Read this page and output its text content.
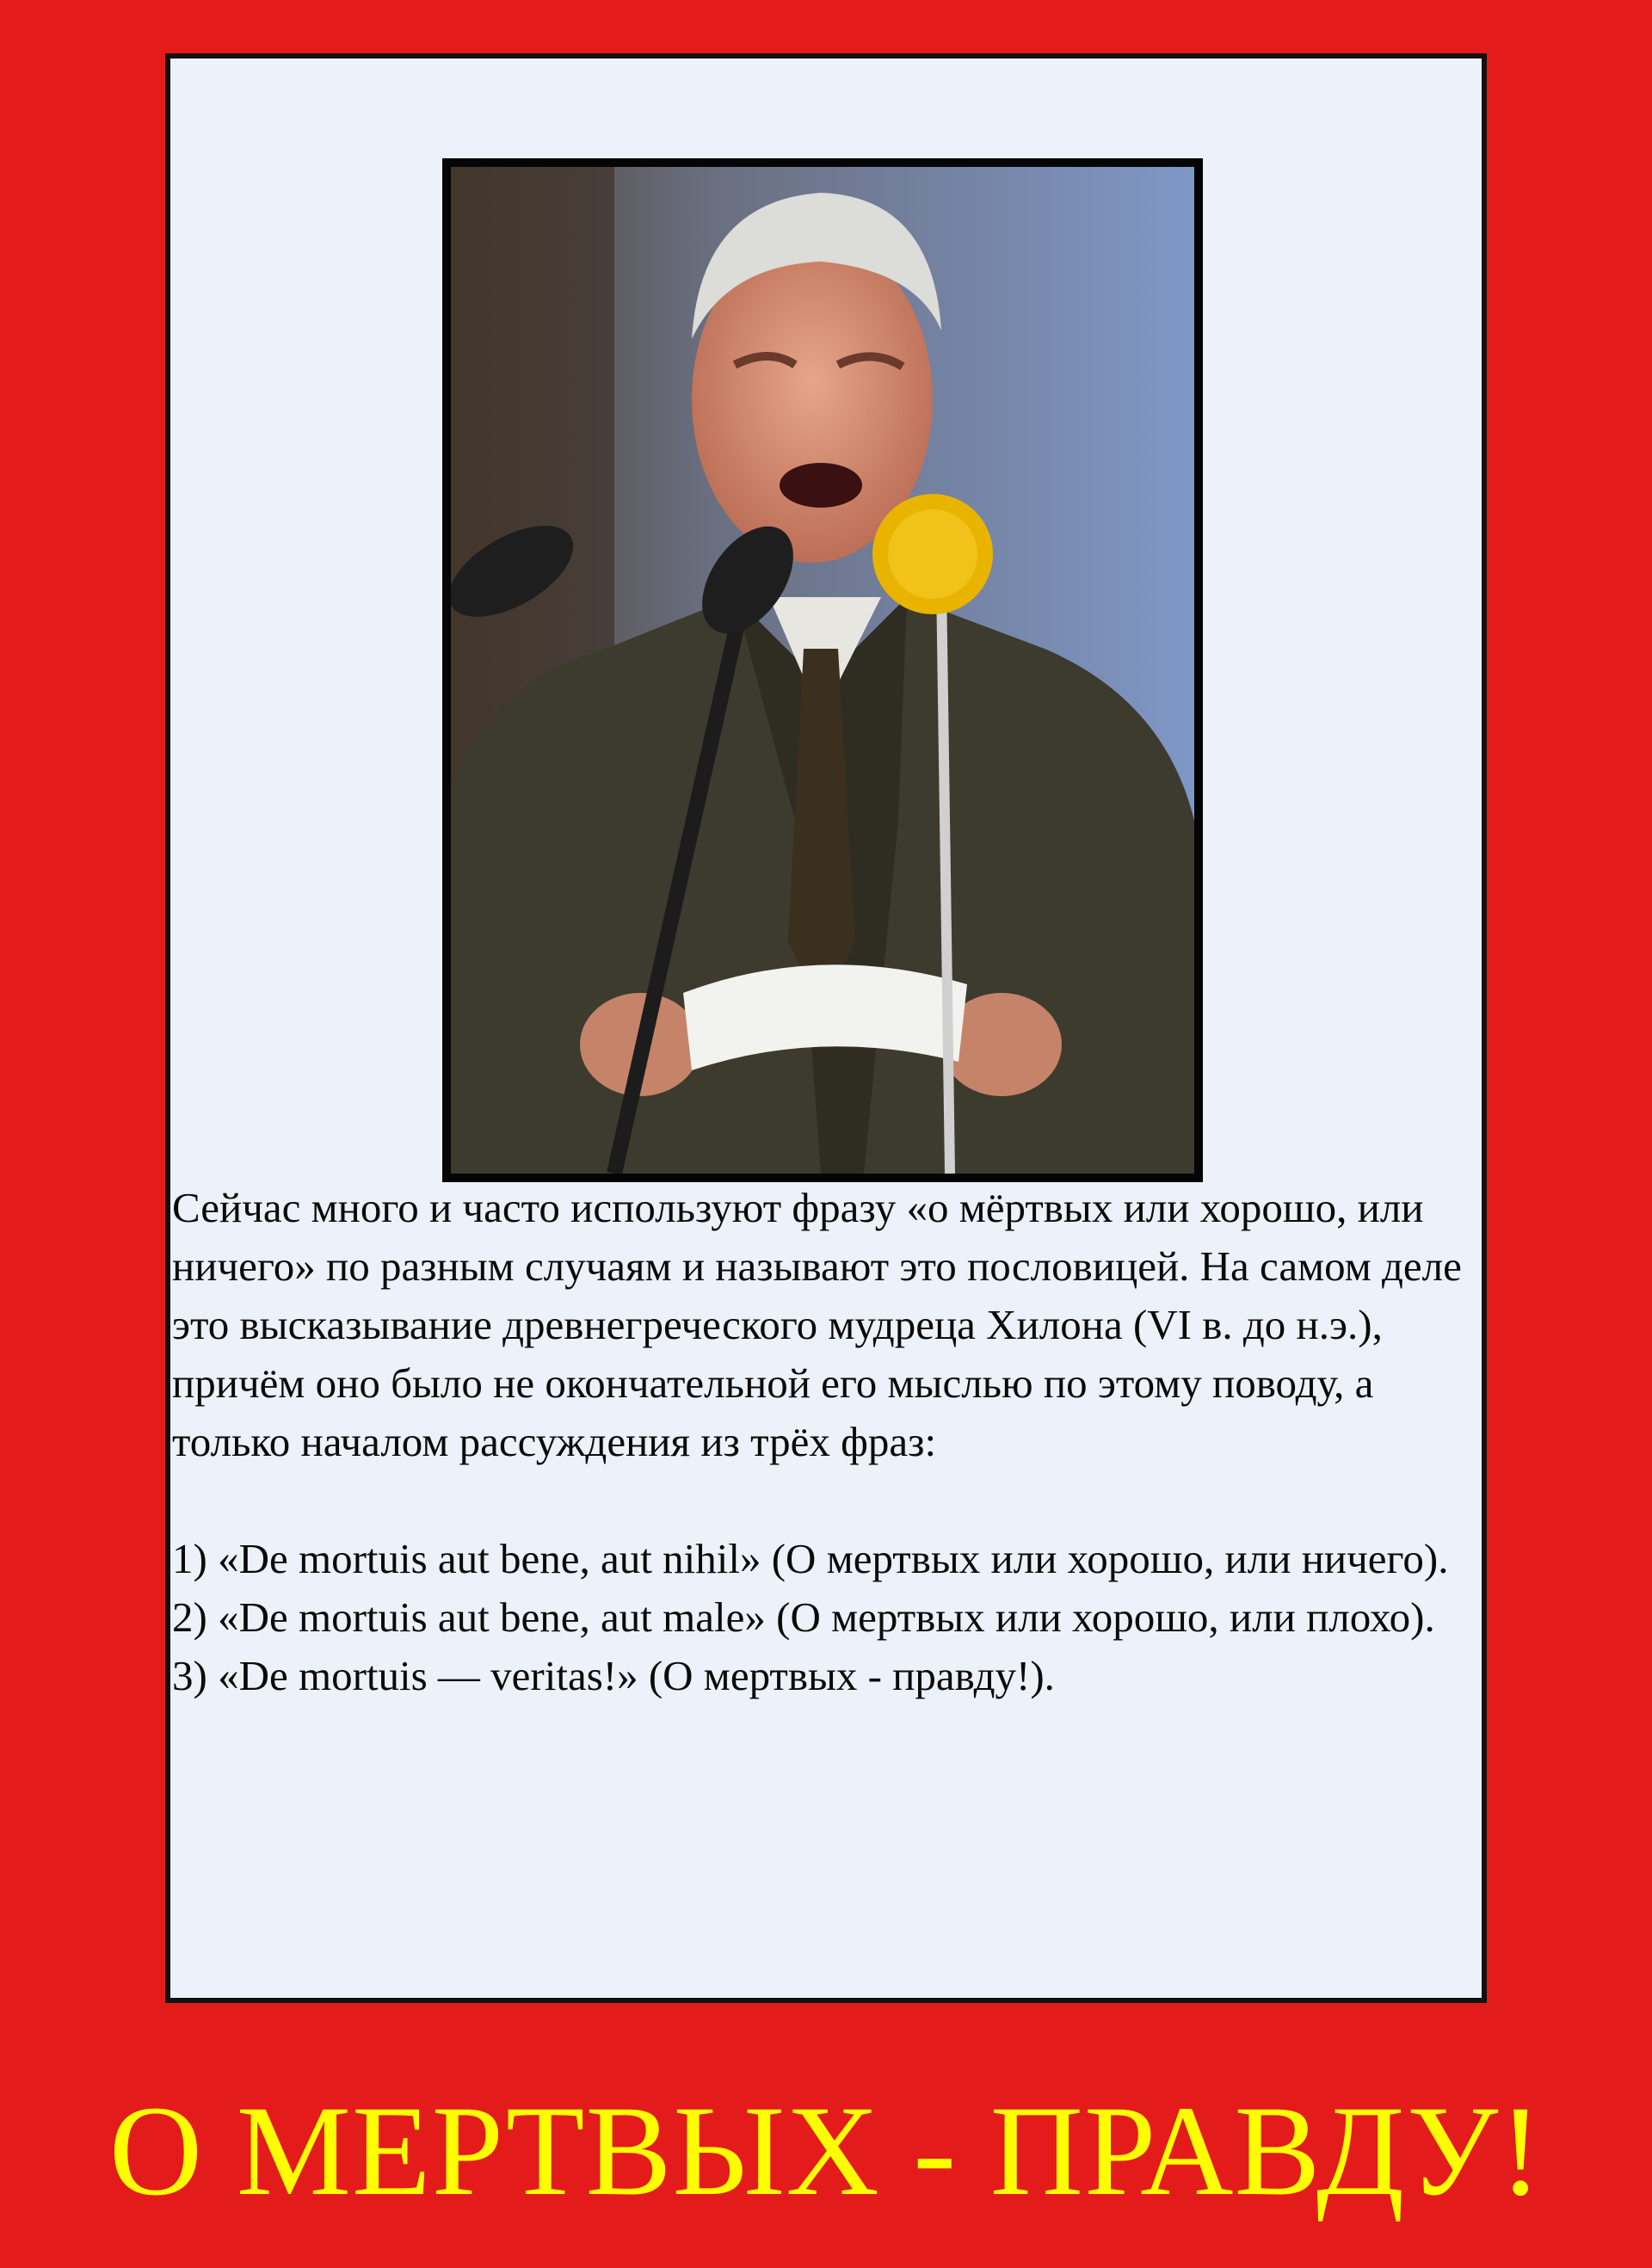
Сейчас много и часто используют фразу «о мёртвых или хорошо, или ничего» по разным случаям и называют это пословицей. На самом деле это высказывание древнегреческого мудреца Хилона (VI в. до н.э.), причём оно было не окончательной его мыслью по этому поводу, а только началом рассуждения из трёх фраз:

1) «De mortuis aut bene, aut nihil» (О мертвых или хорошо, или ничего).

2) «De mortuis aut bene, aut male» (О мертвых или хорошо, или плохо).

3) «De mortuis — veritas!» (О мертвых - правду!).

О МЕРТВЫХ - ПРАВДУ!
